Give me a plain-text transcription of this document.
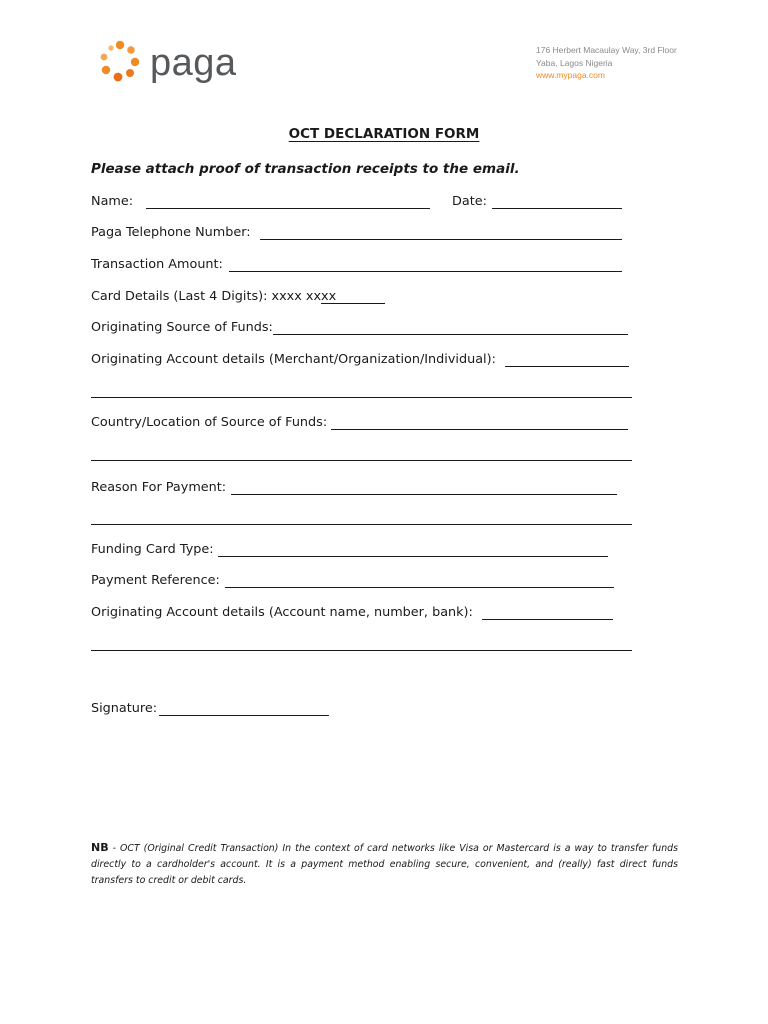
paga	176 Herbert Macaulay Way, 3rd Floor
Yaba, Lagos Nigeria
www.mypaga.com
OCT DECLARATION FORM
Please attach proof of transaction receipts to the email.
Name:	Date:
Paga Telephone Number:
Transaction Amount:
Card Details (Last 4 Digits): xxxx xxxx
Originating Source of Funds:
Originating Account details (Merchant/Organization/Individual):
Country/Location of Source of Funds:
Reason For Payment:
Funding Card Type:
Payment Reference:
Originating Account details (Account name, number, bank):
Signature:
NB - OCT (Original Credit Transaction) In the context of card networks like Visa or Mastercard is a way to transfer funds directly to a cardholder's account. It is a payment method enabling secure, convenient, and (really) fast direct funds transfers to credit or debit cards.
